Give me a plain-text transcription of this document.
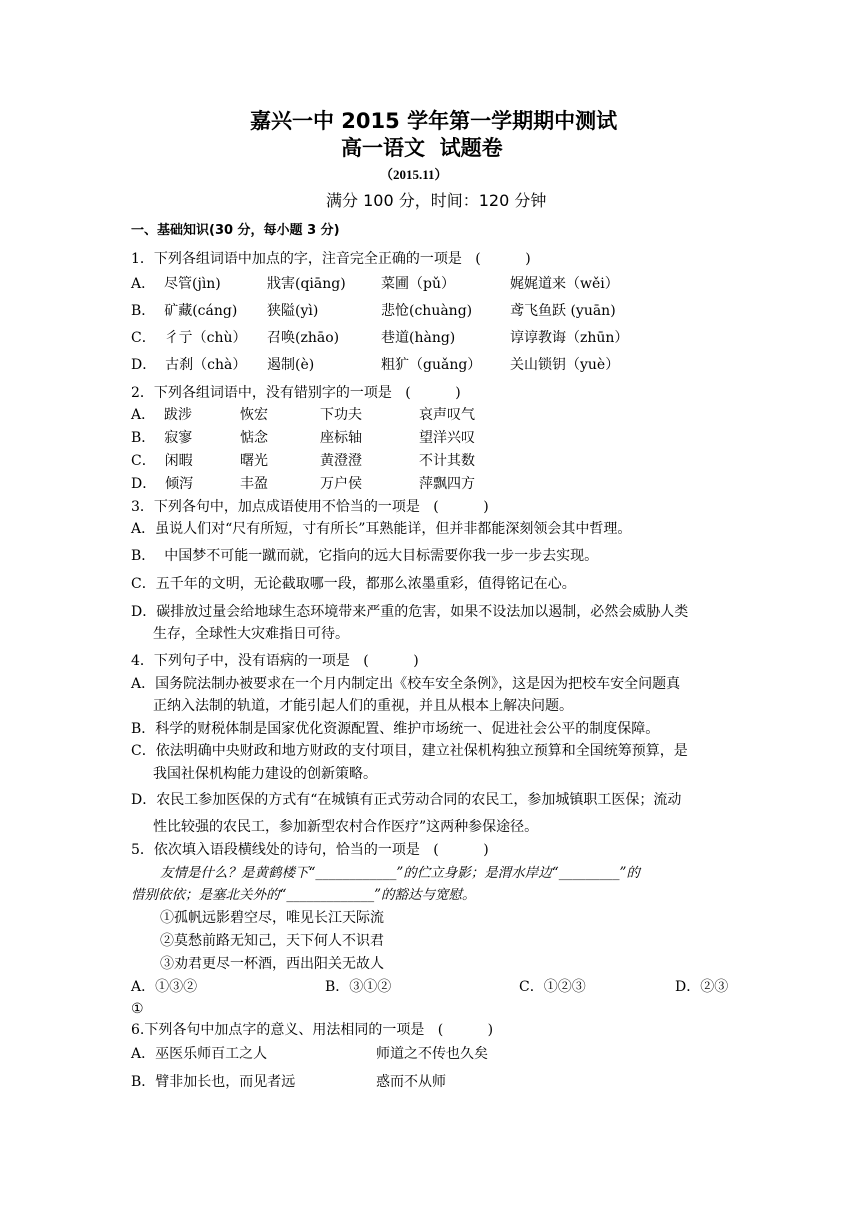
嘉兴一中 2015 学年第一学期期中测试
高一语文  试题卷
（2015.11）
满分 100 分，时间：120 分钟
一、基础知识(30 分，每小题 3 分)
1．下列各组词语中加点的字，注音完全正确的一项是   (          )
A．  尽管(jìn)	戕害(qiāng)	菜圃（pǔ）	娓娓道来（wěi）
B．  矿藏(cáng) 狭隘(yì)	悲怆(chuàng)	鸢飞鱼跃 (yuān)
C．  彳亍（chù） 召唤(zhāo)	巷道(hàng)	谆谆教诲（zhūn）
D．  古刹（chà） 遏制(è)	粗犷（guǎng） 关山锁钥（yuè）
2．下列各组词语中，没有错别字的一项是   (          )
A．  跋涉	恢宏	下功夫	哀声叹气
B．  寂寥	惦念	座标轴	望洋兴叹
C．  闲暇	曙光	黄澄澄	不计其数
D．  倾泻	丰盈	万户侯	萍飘四方
3．下列各句中，加点成语使用不恰当的一项是   (          )
A．虽说人们对“尺有所短，寸有所长”耳熟能详，但并非都能深刻领会其中哲理。
B．  中国梦不可能一蹴而就，它指向的远大目标需要你我一步一步去实现。
C．五千年的文明，无论截取哪一段，都那么浓墨重彩，值得铭记在心。
D．碳排放过量会给地球生态环境带来严重的危害，如果不设法加以遏制，必然会威胁人类
生存，全球性大灾难指日可待。
4．下列句子中，没有语病的一项是   (          )
A．国务院法制办被要求在一个月内制定出《校车安全条例》，这是因为把校车安全问题真
正纳入法制的轨道，才能引起人们的重视，并且从根本上解决问题。
B．科学的财税体制是国家优化资源配置、维护市场统一、促进社会公平的制度保障。
C．依法明确中央财政和地方财政的支付项目，建立社保机构独立预算和全国统筹预算，是
我国社保机构能力建设的创新策略。
D．农民工参加医保的方式有“在城镇有正式劳动合同的农民工，参加城镇职工医保；流动
性比较强的农民工，参加新型农村合作医疗”这两种参保途径。
5．依次填入语段横线处的诗句，恰当的一项是   (          )
友情是什么？是黄鹤楼下“____________”的伫立身影；是渭水岸边“_________”的
惜别依依；是塞北关外的“_____________”的豁达与宽慰。
①孤帆远影碧空尽，唯见长江天际流
②莫愁前路无知己，天下何人不识君
③劝君更尽一杯酒，西出阳关无故人
A．①③②	B．③①②	C．①②③	D．②③
①
6.下列各句中加点字的意义、用法相同的一项是   (          )
A．巫医乐师百工之人	师道之不传也久矣
B．臂非加长也，而见者远	惑而不从师
